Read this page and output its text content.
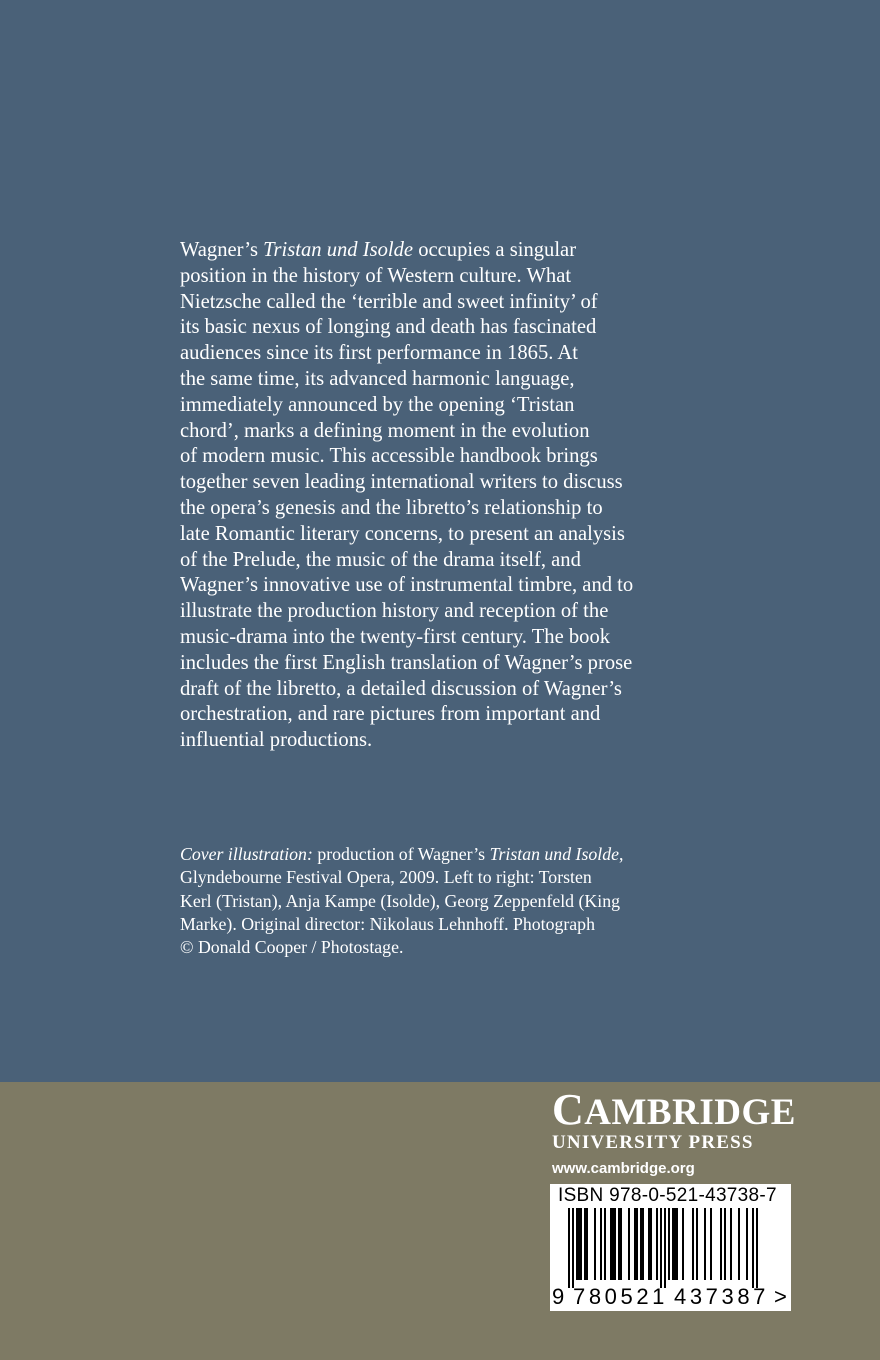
Wagner’s Tristan und Isolde occupies a singular
position in the history of Western culture. What
Nietzsche called the ‘terrible and sweet infinity’ of
its basic nexus of longing and death has fascinated
audiences since its first performance in 1865. At
the same time, its advanced harmonic language,
immediately announced by the opening ‘Tristan
chord’, marks a defining moment in the evolution
of modern music. This accessible handbook brings
together seven leading international writers to discuss
the opera’s genesis and the libretto’s relationship to
late Romantic literary concerns, to present an analysis
of the Prelude, the music of the drama itself, and
Wagner’s innovative use of instrumental timbre, and to
illustrate the production history and reception of the
music-drama into the twenty-first century. The book
includes the first English translation of Wagner’s prose
draft of the libretto, a detailed discussion of Wagner’s
orchestration, and rare pictures from important and
influential productions.
Cover illustration: production of Wagner’s Tristan und Isolde,
Glyndebourne Festival Opera, 2009. Left to right: Torsten
Kerl (Tristan), Anja Kampe (Isolde), Georg Zeppenfeld (King
Marke). Original director: Nikolaus Lehnhoff. Photograph
© Donald Cooper / Photostage.
CAMBRIDGE
UNIVERSITY PRESS
www.cambridge.org
ISBN 978-0-521-43738-7
9 780521 437387 >
